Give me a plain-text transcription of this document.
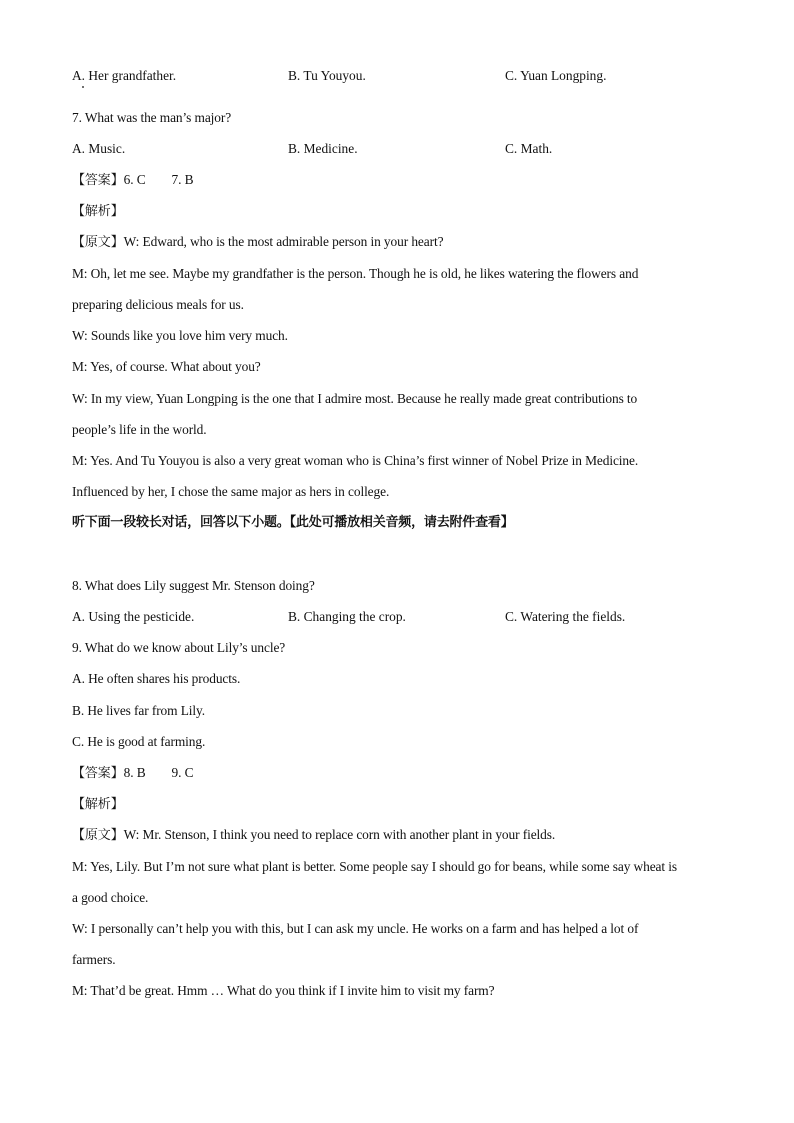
A. Her grandfather.	B. Tu Youyou.	C. Yuan Longping.
7. What was the man’s major?
A. Music.	B. Medicine.	C. Math.
【答案】6. C 7. B
【解析】
【原文】W: Edward, who is the most admirable person in your heart?
M: Oh, let me see. Maybe my grandfather is the person. Though he is old, he likes watering the flowers and
preparing delicious meals for us.
W: Sounds like you love him very much.
M: Yes, of course. What about you?
W: In my view, Yuan Longping is the one that I admire most. Because he really made great contributions to
people’s life in the world.
M: Yes. And Tu Youyou is also a very great woman who is China’s first winner of Nobel Prize in Medicine.
Influenced by her, I chose the same major as hers in college.
听下面一段较长对话，回答以下小题。【此处可播放相关音频，请去附件查看】
8. What does Lily suggest Mr. Stenson doing?
A. Using the pesticide.	B. Changing the crop.	C. Watering the fields.
9. What do we know about Lily’s uncle?
A. He often shares his products.
B. He lives far from Lily.
C. He is good at farming.
【答案】8. B 9. C
【解析】
【原文】W: Mr. Stenson, I think you need to replace corn with another plant in your fields.
M: Yes, Lily. But I’m not sure what plant is better. Some people say I should go for beans, while some say wheat is
a good choice.
W: I personally can’t help you with this, but I can ask my uncle. He works on a farm and has helped a lot of
farmers.
M: That’d be great. Hmm … What do you think if I invite him to visit my farm?
